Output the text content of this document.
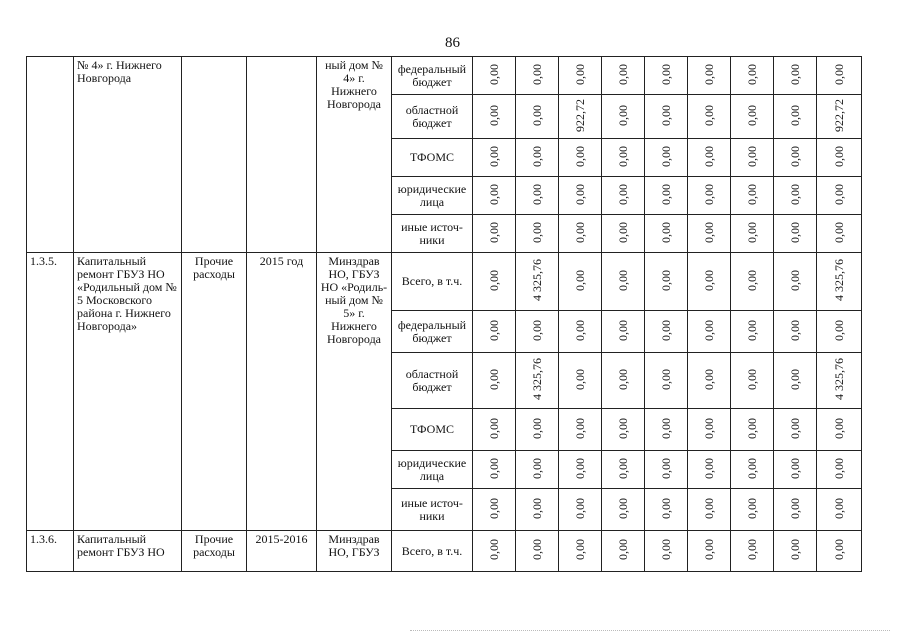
86
	№ 4» г. Нижнего Новгорода			ный дом № 4» г. Нижнего Новгорода	федеральный бюджет	0,00	0,00	0,00	0,00	0,00	0,00	0,00	0,00	0,00
					областной бюджет	0,00	0,00	922,72	0,00	0,00	0,00	0,00	0,00	922,72
					ТФОМС	0,00	0,00	0,00	0,00	0,00	0,00	0,00	0,00	0,00
					юридические лица	0,00	0,00	0,00	0,00	0,00	0,00	0,00	0,00	0,00
					иные источ-ники	0,00	0,00	0,00	0,00	0,00	0,00	0,00	0,00	0,00
1.3.5.	Капитальный ремонт ГБУЗ НО «Родильный дом № 5 Московского района г. Нижнего Новгорода»	Прочие расходы	2015 год	Минздрав НО, ГБУЗ НО «Родиль-ный дом № 5» г. Нижнего Новгорода	Всего, в т.ч.	0,00	4 325,76	0,00	0,00	0,00	0,00	0,00	0,00	4 325,76
					федеральный бюджет	0,00	0,00	0,00	0,00	0,00	0,00	0,00	0,00	0,00
					областной бюджет	0,00	4 325,76	0,00	0,00	0,00	0,00	0,00	0,00	4 325,76
					ТФОМС	0,00	0,00	0,00	0,00	0,00	0,00	0,00	0,00	0,00
					юридические лица	0,00	0,00	0,00	0,00	0,00	0,00	0,00	0,00	0,00
					иные источ-ники	0,00	0,00	0,00	0,00	0,00	0,00	0,00	0,00	0,00
1.3.6.	Капитальный ремонт ГБУЗ НО	Прочие расходы	2015-2016	Минздрав НО, ГБУЗ	Всего, в т.ч.	0,00	0,00	0,00	0,00	0,00	0,00	0,00	0,00	0,00
